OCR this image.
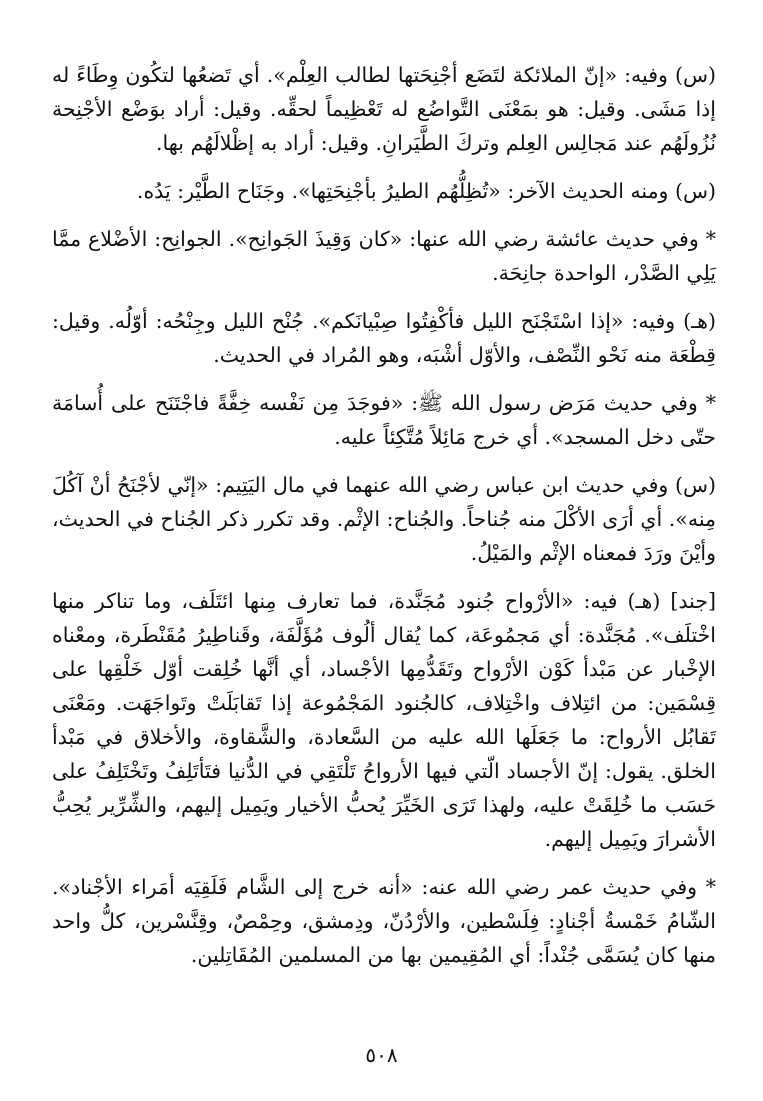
(س) وفيه: «إنّ الملائكة لتَضَع أجْنِحَتها لطالب العِلْم». أي تَضعُها لتكُون وِطَاءً له إذا مَشَى. وقيل: هو بمَعْنَى التَّواضُع له تَعْظِيماً لحقِّه. وقيل: أراد بوَضْع الأجْنِحة نُزُولَهُم عند مَجالِس العِلم وتركَ الطَّيَرانِ. وقيل: أراد به إظْلالَهُم بها.

(س) ومنه الحديث الآخر: «تُظِلُّهُم الطيرُ بأجْنِحَتِها». وجَنَاح الطَّيْر: يَدُه.

* وفي حديث عائشة رضي الله عنها: «كان وَقِيذَ الجَوانِح». الجوانِح: الأضْلاع ممَّا يَلِي الصَّدْر، الواحدة جانِحَة.

(هـ) وفيه: «إذا اسْتَجْنَح الليل فأكْفِتُوا صِبْيانَكم». جُنْح الليل وجِنْحُه: أوّلُه. وقيل: قِطْعَة منه نَحْو النِّصْف، والأوّل أشْبَه، وهو المُراد في الحديث.

* وفي حديث مَرَض رسول الله ﷺ: «فوجَدَ مِن نَفْسه خِفَّةً فاجْتَنَح على أُسامَة حتّى دخل المسجد». أي خرج مَائِلاً مُتَّكِئاً عليه.

(س) وفي حديث ابن عباس رضي الله عنهما في مال اليَتِيم: «إنّي لأجْنَحُ أنْ آكُلَ مِنه». أي أرَى الأكْلَ منه جُناحاً. والجُناح: الإثْم. وقد تكرر ذكر الجُناح في الحديث، وأيْنَ ورَدَ فمعناه الإثْم والمَيْلُ.

[جند] (هـ) فيه: «الأرْواح جُنود مُجَنَّدة، فما تعارف مِنها ائتَلَف، وما تناكر منها اخْتلَف». مُجَنَّدة: أي مَجمُوعَة، كما يُقال ألُوف مُؤَلَّفَة، وقَناطِيرُ مُقَنْطَرة، ومعْناه الإخْبار عن مَبْدأ كَوْن الأرْواح وتَقَدُّمِها الأجْساد، أي أنَّها خُلِقت أوّل خَلْقِها على قِسْمَين: من ائتِلاف واخْتِلاف، كالجُنود المَجْمُوعة إذا تَقابَلَتْ وتَواجَهَت. ومَعْنَى تَقابُل الأرواح: ما جَعَلَها الله عليه من السَّعادة، والشَّقاوة، والأخلاق في مَبْدأ الخلق. يقول: إنّ الأجساد الّتي فيها الأرواحُ تَلْتَقِي في الدُّنيا فتَأتَلِفُ وتَخْتَلِفُ على حَسَب ما خُلِقَتْ عليه، ولهذا تَرَى الخَيِّرَ يُحبُّ الأخيار ويَمِيل إليهم، والشِّرِّير يُحِبُّ الأشرارَ ويَمِيل إليهم.

* وفي حديث عمر رضي الله عنه: «أنه خرج إلى الشَّام فَلَقِيَه أمَراء الأجْناد». الشّامُ خَمْسةُ أجْنادٍ: فِلَسْطين، والأرْدُنّ، ودِمشق، وحِمْصٌ، وقِنَّسْرين، كلُّ واحد منها كان يُسَمَّى جُنْداً: أي المُقِيمين بها من المسلمين المُقَاتِلين.

٥٠٨
